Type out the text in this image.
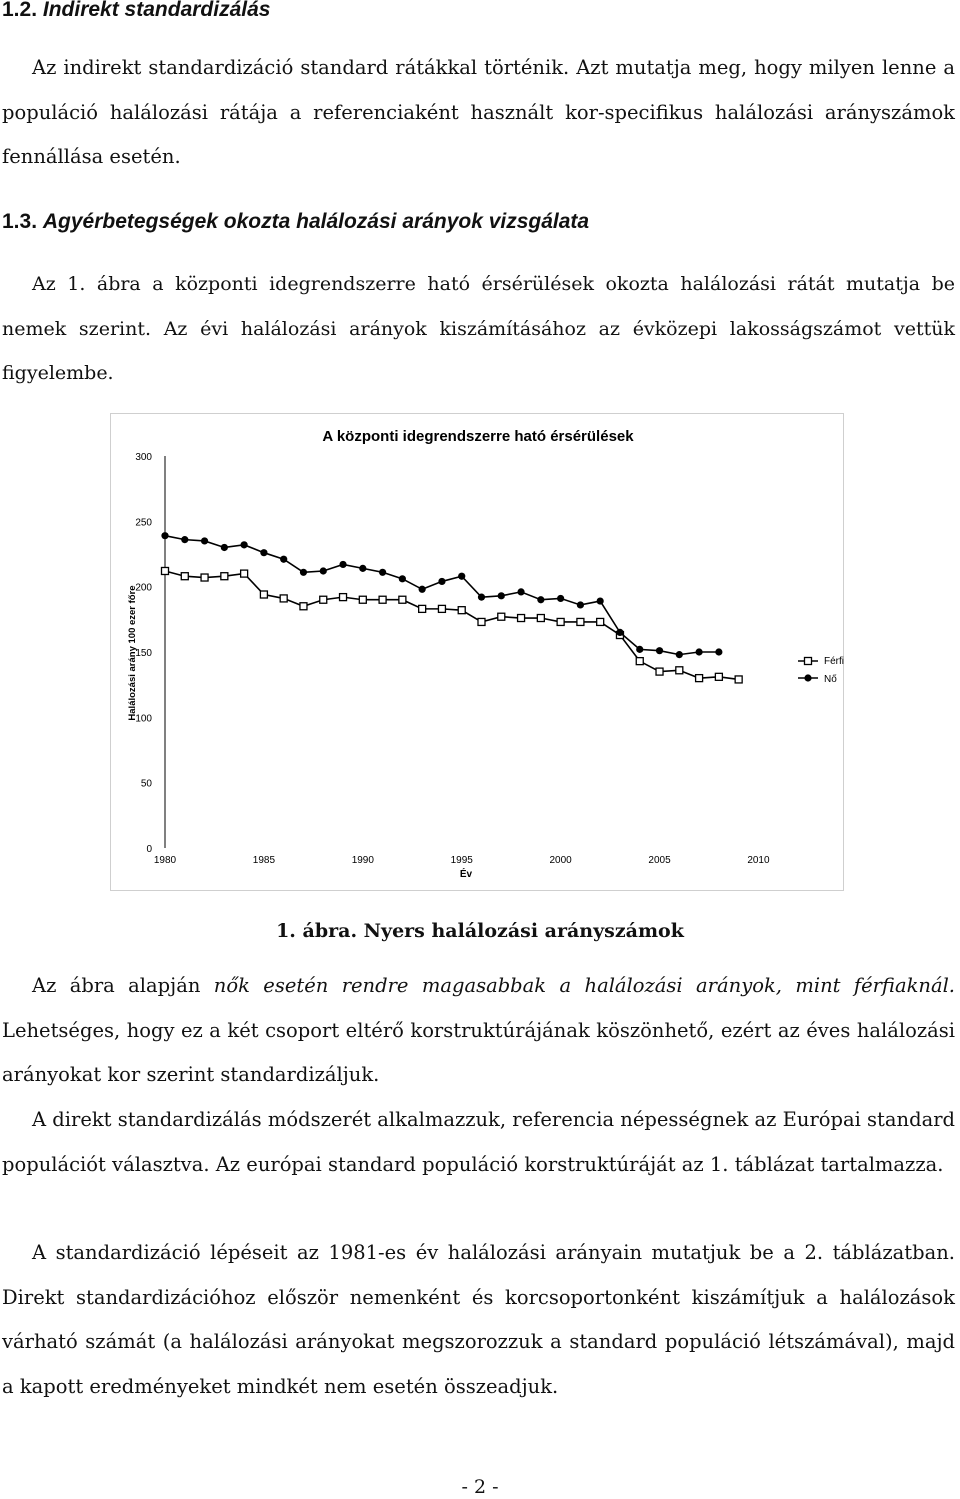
1.2. Indirekt standardizálás

Az indirekt standardizáció standard rátákkal történik. Azt mutatja meg, hogy milyen lenne a populáció halálozási rátája a referenciaként használt kor-specifikus halálozási arányszámok fennállása esetén.

1.3. Agyérbetegségek okozta halálozási arányok vizsgálata

Az 1. ábra a központi idegrendszerre ható érsérülések okozta halálozási rátát mutatja be nemek szerint. Az évi halálozási arányok kiszámításához az évközepi lakosságszámot vettük figyelembe.

A központi idegrendszerre ható érsérülések
0
50
100
150
200
250
300
1980	1985	1990	1995	2000	2005	2010
Halálozási arány 100 ezer főre
Év
Férfi
Nő

1. ábra. Nyers halálozási arányszámok

Az ábra alapján nők esetén rendre magasabbak a halálozási arányok, mint férfiaknál. Lehetséges, hogy ez a két csoport eltérő korstruktúrájának köszönhető, ezért az éves halálozási arányokat kor szerint standardizáljuk.

A direkt standardizálás módszerét alkalmazzuk, referencia népességnek az Európai standard populációt választva. Az európai standard populáció korstruktúráját az 1. táblázat tartalmazza.

A standardizáció lépéseit az 1981-es év halálozási arányain mutatjuk be a 2. táblázatban. Direkt standardizációhoz először nemenként és korcsoportonként kiszámítjuk a halálozások várható számát (a halálozási arányokat megszorozzuk a standard populáció létszámával), majd a kapott eredményeket mindkét nem esetén összeadjuk.

- 2 -
